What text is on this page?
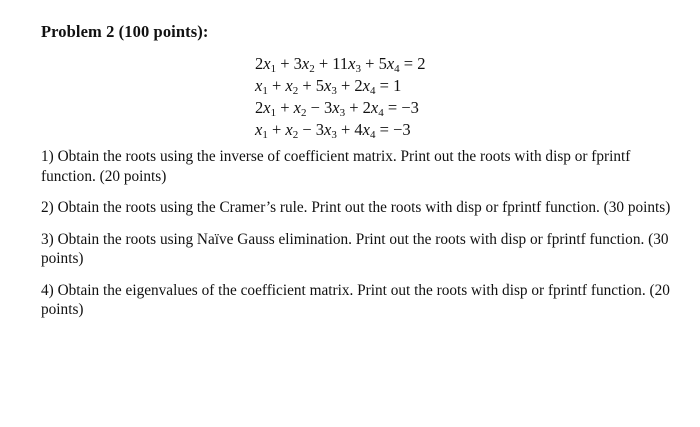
Problem 2 (100 points):
$2x_1 + 3x_2 + 11x_3 + 5x_4 = 2$
$x_1 + x_2 + 5x_3 + 2x_4 = 1$
$2x_1 + x_2 - 3x_3 + 2x_4 = -3$
$x_1 + x_2 - 3x_3 + 4x_4 = -3$

1) Obtain the roots using the inverse of coefficient matrix. Print out the roots with disp or fprintf function. (20 points)

2) Obtain the roots using the Cramer’s rule. Print out the roots with disp or fprintf function. (30 points)

3) Obtain the roots using Naïve Gauss elimination. Print out the roots with disp or fprintf function. (30 points)

4) Obtain the eigenvalues of the coefficient matrix. Print out the roots with disp or fprintf function. (20 points)
